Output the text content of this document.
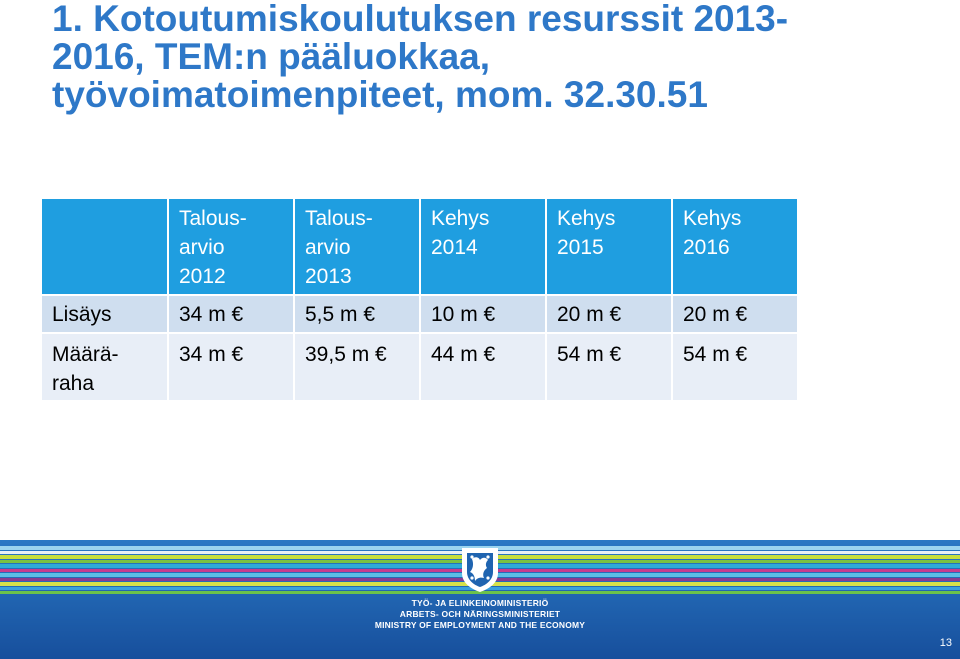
1. Kotoutumiskoulutuksen resurssit 2013-
2016, TEM:n pääluokkaa,
työvoimatoimenpiteet, mom. 32.30.51

	Talous-
arvio
2012	Talous-
arvio
2013	Kehys
2014	Kehys
2015	Kehys
2016

Lisäys	34 m €	5,5 m €	10 m €	20 m €	20 m €

Määrä-
raha	34 m €	39,5 m €	44 m €	54 m €	54 m €
TYÖ- JA ELINKEINOMINISTERIÖ
ARBETS- OCH NÄRINGSMINISTERIET
MINISTRY OF EMPLOYMENT AND THE ECONOMY
13
